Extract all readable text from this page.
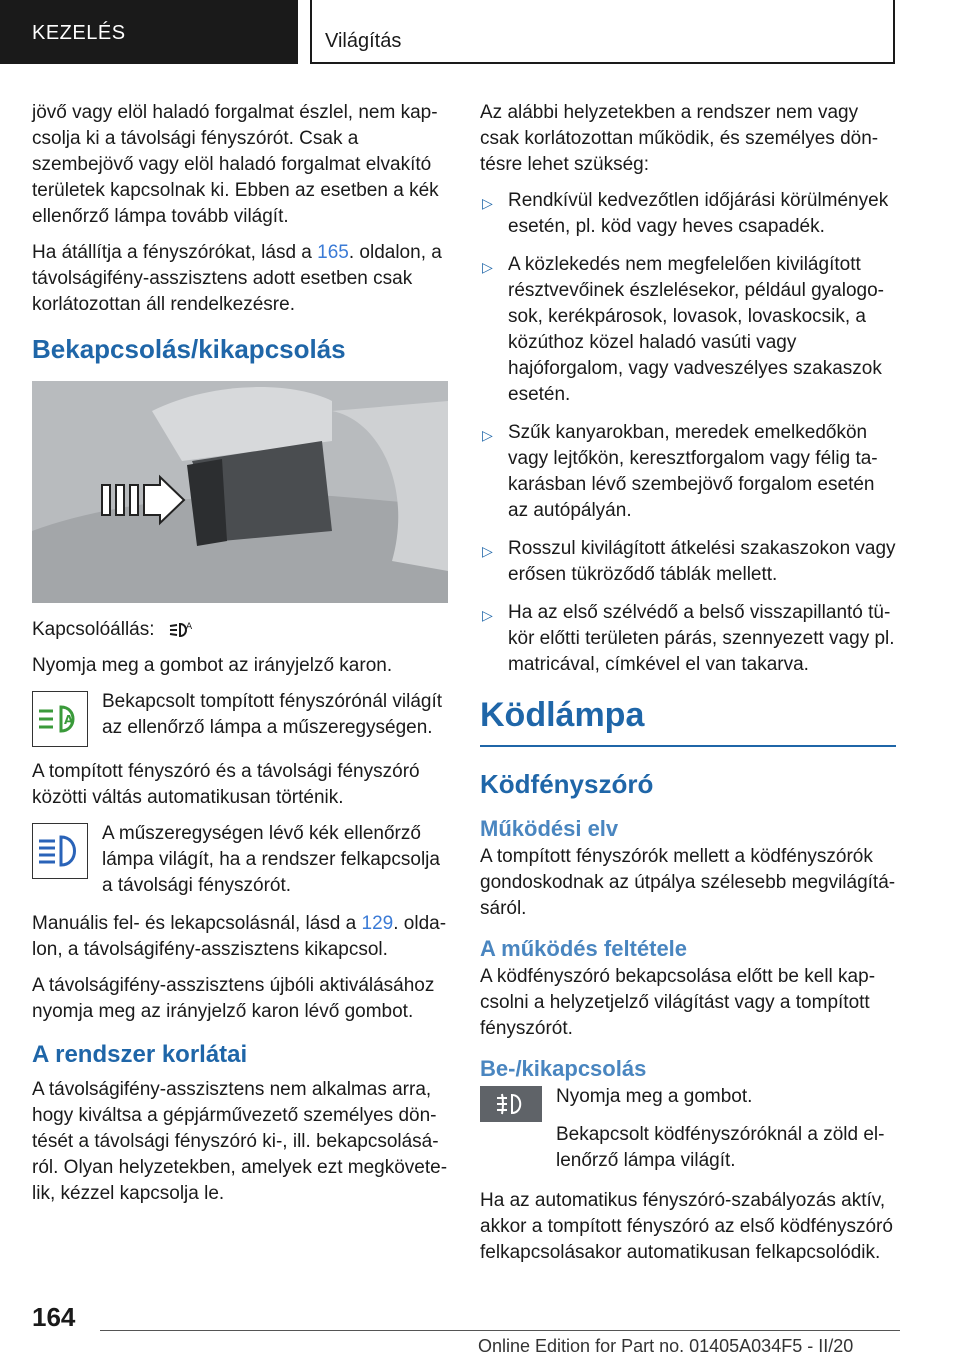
KEZELÉS	Világítás

jövő vagy elöl haladó forgalmat észlel, nem kapcsolja ki a távolsági fényszórót. Csak a szembejövő vagy elöl haladó forgalmat elvakító területek kapcsolnak ki. Ebben az esetben a kék ellenőrző lámpa tovább világít.

Ha átállítja a fényszórókat, lásd a 165. oldalon, a távolságifény-asszisztens adott esetben csak korlátozottan áll rendelkezésre.

Bekapcsolás/kikapcsolás

Kapcsolóállás:	A

Nyomja meg a gombot az irányjelző karon.

A

Bekapcsolt tompított fényszórónál világít az ellenőrző lámpa a műszeregységen.

A tompított fényszóró és a távolsági fényszóró közötti váltás automatikusan történik.

A műszeregységen lévő kék ellenőrző lámpa világít, ha a rendszer felkapcsolja a távolsági fényszórót.

Manuális fel- és lekapcsolásnál, lásd a 129. oldalon, a távolságifény-asszisztens kikapcsol.

A távolságifény-asszisztens újbóli aktiválásához nyomja meg az irányjelző karon lévő gombot.

A rendszer korlátai

A távolságifény-asszisztens nem alkalmas arra, hogy kiváltsa a gépjárművezető személyes döntését a távolsági fényszóró ki-, ill. bekapcsolásáról. Olyan helyzetekben, amelyek ezt megkövetelik, kézzel kapcsolja le.

Az alábbi helyzetekben a rendszer nem vagy csak korlátozottan működik, és személyes döntésre lehet szükség:

▷ Rendkívül kedvezőtlen időjárási körülmények esetén, pl. köd vagy heves csapadék.
▷ A közlekedés nem megfelelően kivilágított résztvevőinek észlelésekor, például gyalogosok, kerékpárosok, lovasok, lovaskocsik, a közúthoz közel haladó vasúti vagy hajóforgalom, vagy vadveszélyes szakaszok esetén.
▷ Szűk kanyarokban, meredek emelkedőkön vagy lejtőkön, keresztforgalom vagy félig takarásban lévő szembejövő forgalom esetén az autópályán.
▷ Rosszul kivilágított átkelési szakaszokon vagy erősen tükröződő táblák mellett.
▷ Ha az első szélvédő a belső visszapillantó tükör előtti területen párás, szennyezett vagy pl. matricával, címkével el van takarva.
Ködlámpa
Ködfényszóró
Működési elv

A tompított fényszórók mellett a ködfényszórók gondoskodnak az útpálya szélesebb megvilágításáról.

A működés feltétele

A ködfényszóró bekapcsolása előtt be kell kapcsolni a helyzetjelző világítást vagy a tompított fényszórót.

Be-/kikapcsolás

Nyomja meg a gombot.

Bekapcsolt ködfényszóróknál a zöld ellenőrző lámpa világít.

Ha az automatikus fényszóró-szabályozás aktív, akkor a tompított fényszóró az első ködfényszóró felkapcsolásakor automatikusan felkapcsolódik.

164
Online Edition for Part no. 01405A034F5 - II/20
